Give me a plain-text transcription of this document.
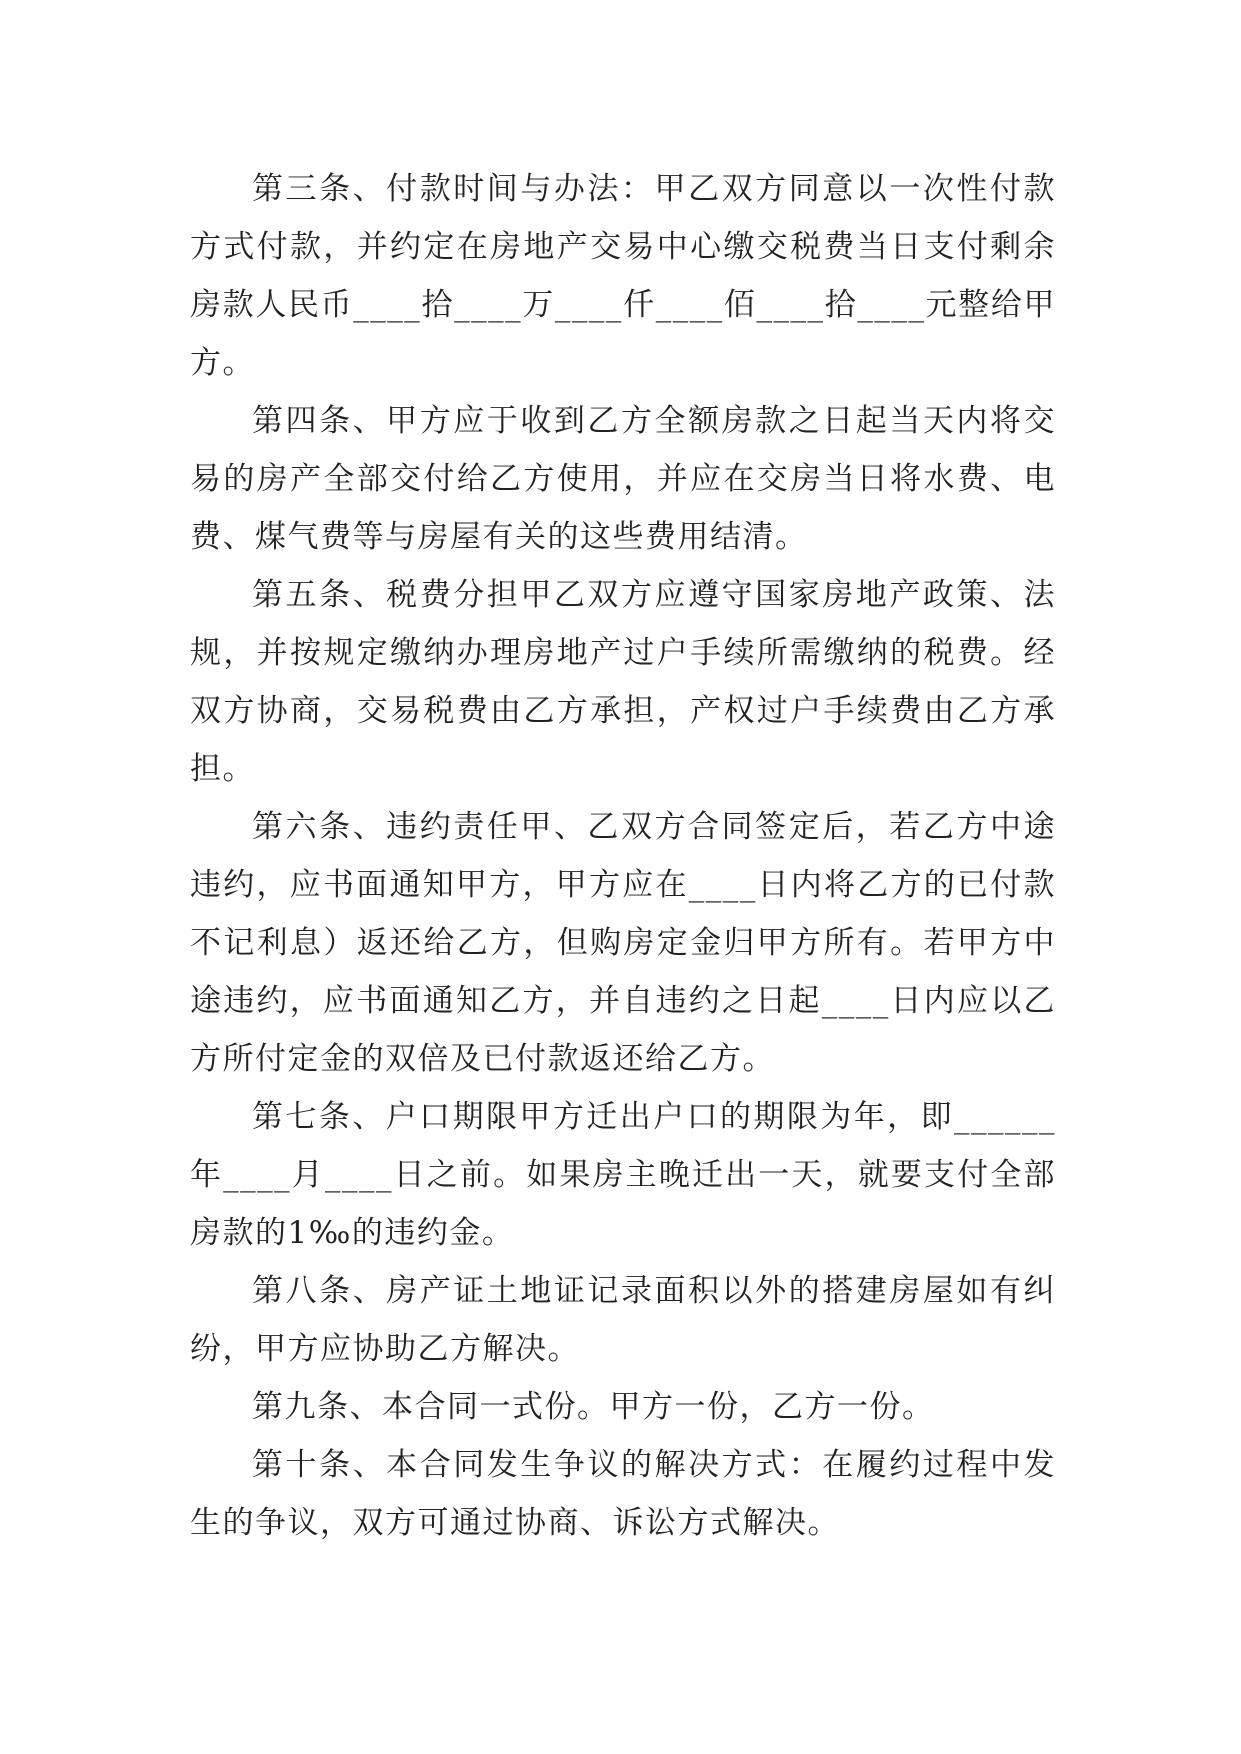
第三条、付款时间与办法：甲乙双方同意以一次性付款方式付款，并约定在房地产交易中心缴交税费当日支付剩余房款人民币____拾____万____仟____佰____拾____元整给甲方。

第四条、甲方应于收到乙方全额房款之日起当天内将交易的房产全部交付给乙方使用，并应在交房当日将水费、电费、煤气费等与房屋有关的这些费用结清。

第五条、税费分担甲乙双方应遵守国家房地产政策、法规，并按规定缴纳办理房地产过户手续所需缴纳的税费。经双方协商，交易税费由乙方承担，产权过户手续费由乙方承担。

第六条、违约责任甲、乙双方合同签定后，若乙方中途违约，应书面通知甲方，甲方应在____日内将乙方的已付款不记利息）返还给乙方，但购房定金归甲方所有。若甲方中途违约，应书面通知乙方，并自违约之日起____日内应以乙方所付定金的双倍及已付款返还给乙方。

第七条、户口期限甲方迁出户口的期限为年，即______年____月____日之前。如果房主晚迁出一天，就要支付全部房款的1‰的违约金。

第八条、房产证土地证记录面积以外的搭建房屋如有纠纷，甲方应协助乙方解决。

第九条、本合同一式份。甲方一份，乙方一份。

第十条、本合同发生争议的解决方式：在履约过程中发生的争议，双方可通过协商、诉讼方式解决。
